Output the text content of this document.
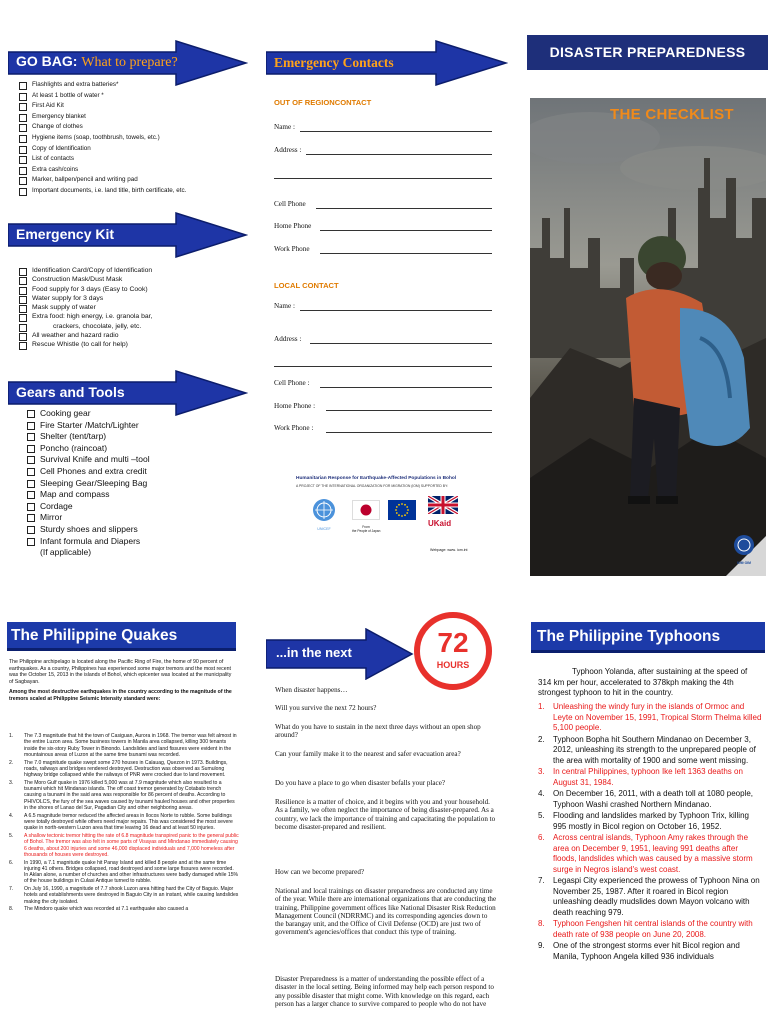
GO BAG: What to prepare?
Flashlights and extra batteries*
At least 1 bottle of water *
First Aid Kit
Emergency blanket
Change of clothes
Hygiene items (soap, toothbrush, towels, etc.)
Copy of Identification
List of contacts
Extra cash/coins
Marker, ballpen/pencil and writing pad
Important documents, i.e. land title, birth certificate, etc.
Emergency Kit
Identification Card/Copy of Identification
Construction Mask/Dust Mask
Food supply for 3 days (Easy to Cook)
Water supply for 3 days
Mask supply of water
Extra food: high energy, i.e. granola bar,
crackers, chocolate, jelly, etc.
All weather and hazard radio
Rescue Whistle (to call for help)
Gears and Tools
Cooking gear
Fire Starter /Match/Lighter
Shelter (tent/tarp)
Poncho (raincoat)
Survival Knife and multi –tool
Cell Phones and extra credit
Sleeping Gear/Sleeping Bag
Map and compass
Cordage
Mirror
Sturdy shoes and slippers
Infant formula and Diapers
(If applicable)
Emergency Contacts
OUT OF REGIONCONTACT
Name :
Address :
Cell Phone
Home Phone
Work Phone
LOCAL CONTACT
Name :
Address :
Cell Phone :
Home Phone :
Work Phone :
Humanitarian Response for Earthquake-Affected Populations in Bohol
A PROJECT OF THE INTERNATIONAL ORGANIZATION FOR MIGRATION (IOM) SUPPORTED BY:
UNICEF	From
the People of Japan
UKaid
Webpage: www. iom.int
DISASTER PREPAREDNESS
THE CHECKLIST
IOM·OIM
The Philippine Quakes
The Philippine archipelago is located along the Pacific Ring of Fire, the home of 90 percent of earthquakes. As a country, Philippines has experienced some major tremors and the most recent was the October 15, 2013 in the islands of Bohol, which epicenter was located at the municipality of Sagbayan.
Among the most destructive earthquakes in the country according to the magnitude of the tremors scaled at Philippine Seismic Intensity standard were:
1. The 7.3 magnitude that hit the town of Casiguan, Aurora in 1968. The tremor was felt almost in the entire Luzon area. Some business towers in Manila area collapsed, killing 300 tenants inside the six-story Ruby Tower in Binondo. Landslides and land fissures were evident in the mountainous areas of Luzon at the same time tsunami was recorded.
2. The 7.0 magnitude quake swept some 270 houses in Calauag, Quezon in 1973. Buildings, roads, railways and bridges rendered destroyed. Destruction was observed as Sumulong highway bridge collapsed while the railways of PNR were crocked due to land movement.
3. The Moro Gulf quake in 1976 killed 5,000 was at 7.9 magnitude which also resulted to a tsunami which hit Mindanao islands. The off coast tremor generated by Cotabato trench causing a tsunami in the said area was responsible for 86 percent of deaths. According to PHIVOLCS, the fury of the sea waves caused by tsunami hauled houses and other properties in the shores of Lanao del Sur, Pagadian City and other neighboring areas.
4. A 6.5 magnitude tremor reduced the affected areas in Ilocos Norte to rubble. Some buildings were totally destroyed while others need major repairs. This was considered the most severe quake in north-western Luzon area that time leaving 16 dead and at least 50 injuries.
5. A shallow tectonic tremor hitting the rate of 6.8 magnitude transpired panic to the general public of Bohol. The tremor was also felt in some parts of Visayas and Mindanao immediately causing 6 deaths, about 200 injuries and some 46,000 displaced individuals and 7,000 homeless after thousands of houses were destroyed.
6. In 1990, a 7.1 magnitude quake hit Panay Island and killed 8 people and at the same time injuring 41 others. Bridges collapsed, road destroyed and some large fissures were recorded. In Aklan alone, a number of churches and other infrastructures were badly damaged while 15% of the house buildings in Culasi Antique turned to rubble.
7. On July 16, 1990, a magnitude of 7.7 shook Luzon area hitting hard the City of Baguio. Major hotels and establishments were destroyed in Baguio City in an instant, while causing landslides making the city isolated.
8. The Mindoro quake which was recorded at 7.1 earthquake also caused a
...in the next	72
HOURS
When disaster happens…
Will you survive the next 72 hours?
What do you have to sustain in the next three days without an open shop around?
Can your family make it to the nearest and safer evacuation area?
Do you have a place to go when disaster befalls your place?
Resilience is a matter of choice, and it begins with you and your household. As a family, we often neglect the importance of being disaster-prepared. As a country, we lack the importance of training and capacitating the population to become disaster-prepared and resilient.
How can we become prepared?
National and local trainings on disaster preparedness are conducted any time of the year. While there are international organizations that are conducting the training, Philippine government offices like National Disaster Risk Reduction Management Council (NDRRMC) and its corresponding agencies down to the barangay unit, and the Office of Civil Defense (OCD) are just two of government's agencies/offices that conduct this type of training.
Disaster Preparedness is a matter of understanding the possible effect of a disaster in the local setting. Being informed may help each person respond to any possible disaster that might come. With knowledge on this regard, each person has a larger chance to survive compared to people who do not have
The Philippine Typhoons
Typhoon Yolanda, after sustaining at the speed of 314 km per hour, accelerated to 378kph making the 4th strongest typhoon to hit in the country.
1. Unleashing the windy fury in the islands of Ormoc and Leyte on November 15, 1991, Tropical Storm Thelma killed 5,100 people.
2. Typhoon Bopha hit Southern Mindanao on December 3, 2012, unleashing its strength to the unprepared people of the area with mortality of 1900 and some went missing.
3. In central Philippines, typhoon Ike left 1363 deaths on August 31, 1984.
4. On December 16, 2011, with a death toll at 1080 people, Typhoon Washi crashed Northern Mindanao.
5. Flooding and landslides marked by Typhoon Trix, killing 995 mostly in Bicol region on October 16, 1952.
6. Across central islands, Typhoon Amy rakes through the area on December 9, 1951, leaving 991 deaths after floods, landslides which was caused by a massive storm surge in Negros island's west coast.
7. Legaspi City experienced the prowess of Typhoon Nina on November 25, 1987. After it roared in Bicol region unleashing deadly mudslides down Mayon volcano with death reaching 979.
8. Typhoon Fengshen hit central islands of the country with death rate of 938 people on June 20, 2008.
9. One of the strongest storms ever hit Bicol region and Manila, Typhoon Angela killed 936 individuals
